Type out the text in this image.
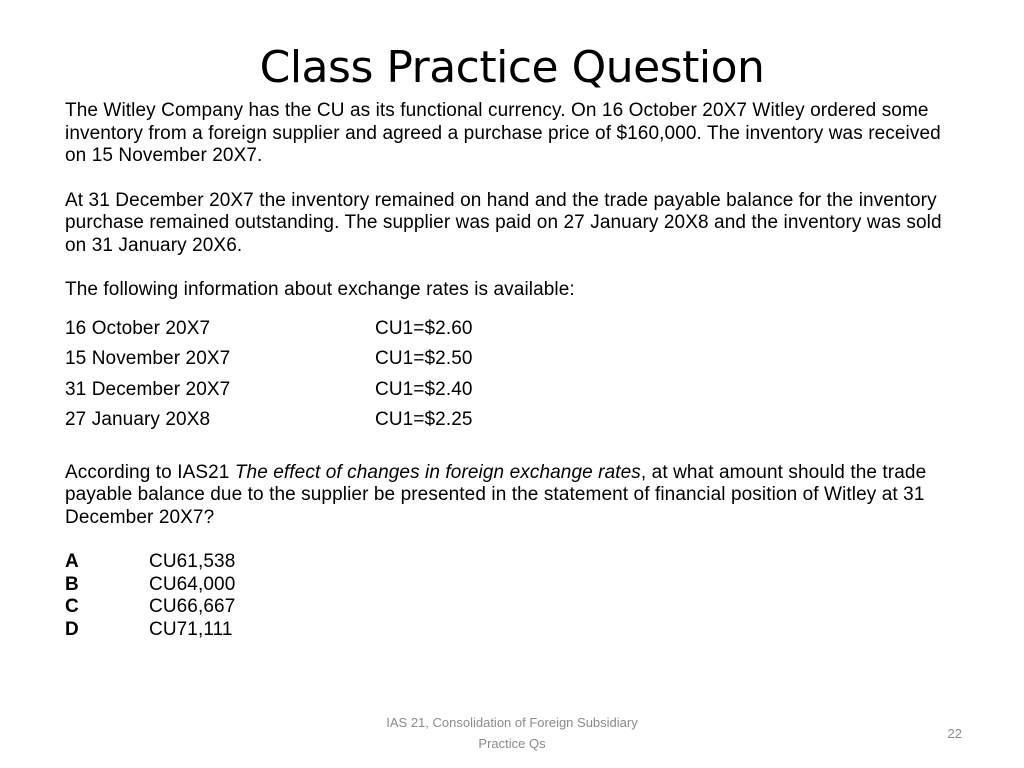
Class Practice Question

The Witley Company has the CU as its functional currency. On 16 October 20X7 Witley ordered some inventory from a foreign supplier and agreed a purchase price of $160,000. The inventory was received on 15 November 20X7.

At 31 December 20X7 the inventory remained on hand and the trade payable balance for the inventory purchase remained outstanding. The supplier was paid on 27 January 20X8 and the inventory was sold on 31 January 20X6.

The following information about exchange rates is available:

16 October 20X7	CU1=$2.60
15 November 20X7	CU1=$2.50
31 December 20X7	CU1=$2.40
27 January 20X8	CU1=$2.25

According to IAS21 The effect of changes in foreign exchange rates, at what amount should the trade payable balance due to the supplier be presented in the statement of financial position of Witley at 31 December 20X7?

A	CU61,538
B	CU64,000
C	CU66,667
D	CU71,111
IAS 21, Consolidation of Foreign Subsidiary
Practice Qs
22
